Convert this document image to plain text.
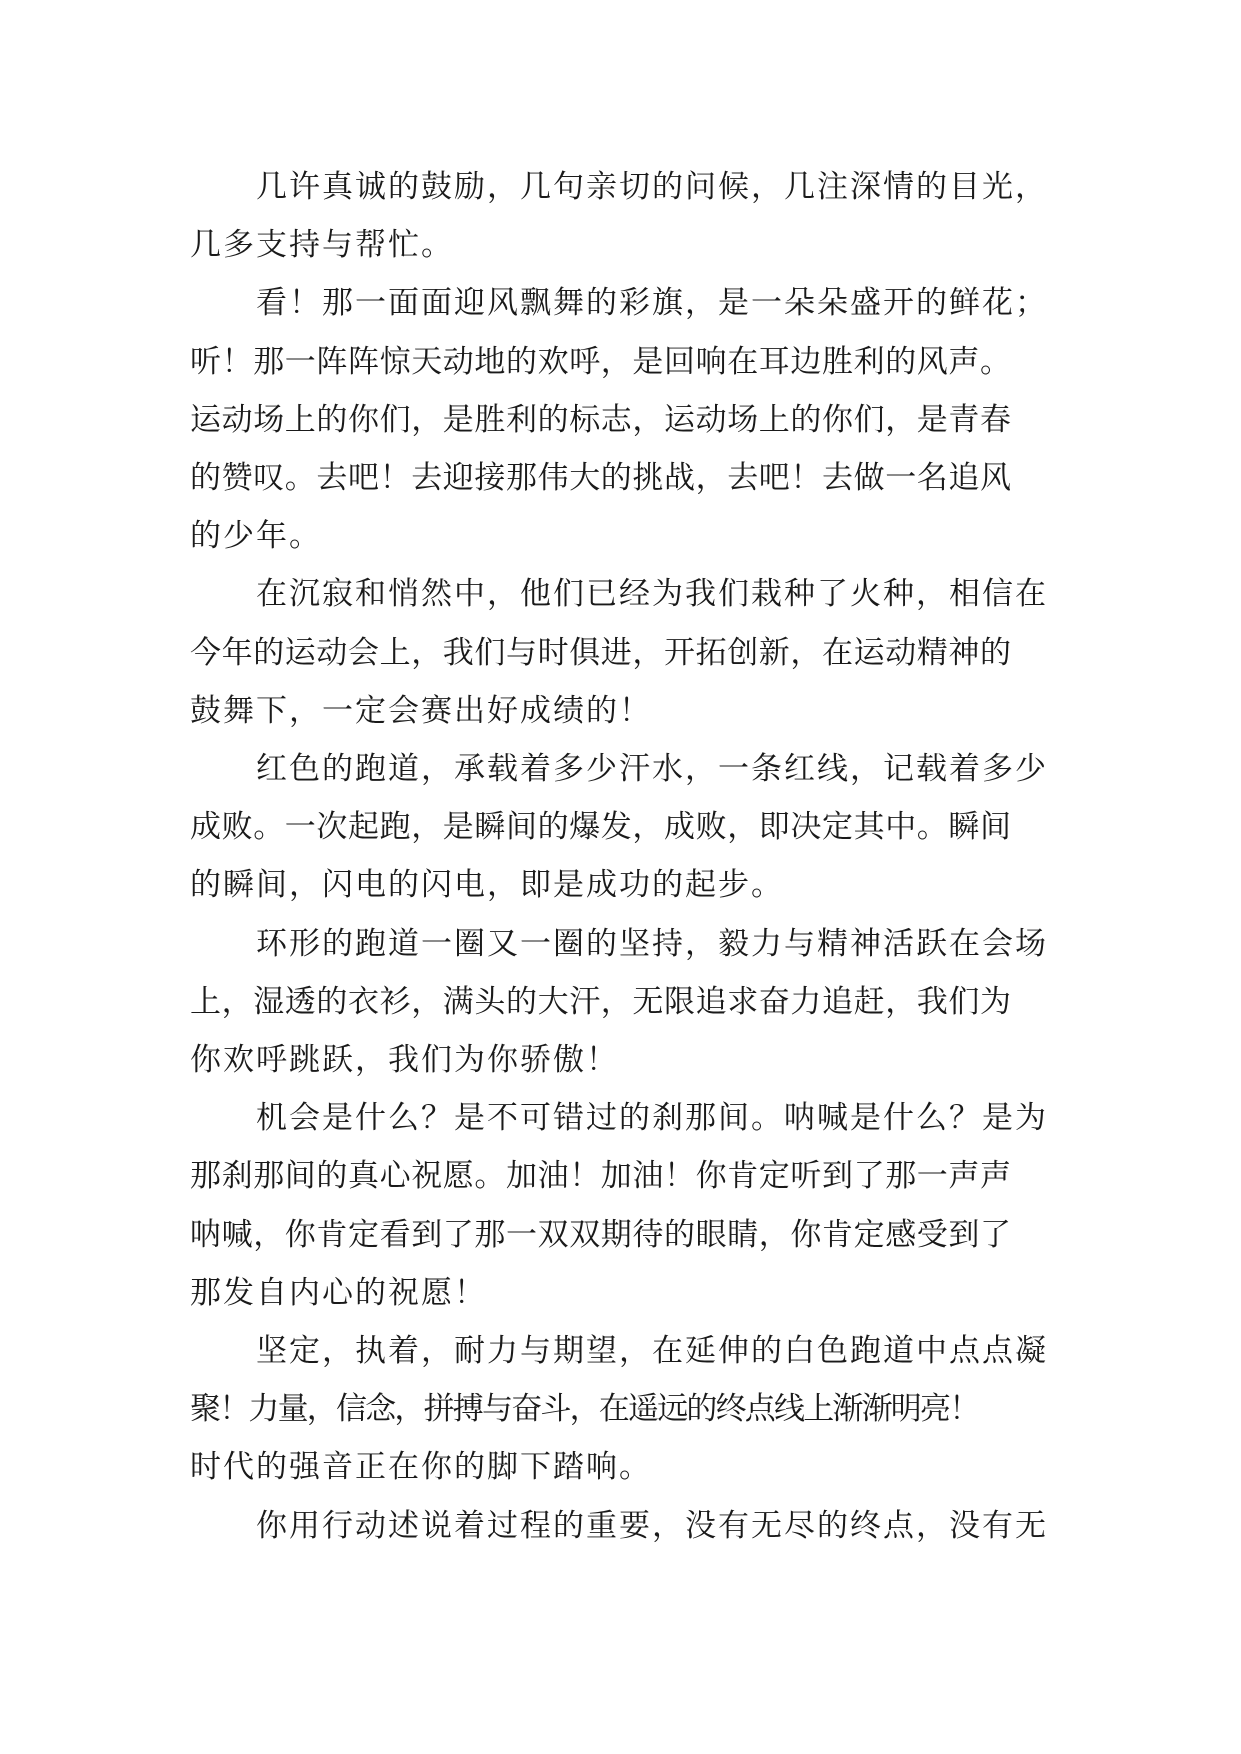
几许真诚的鼓励，几句亲切的问候，几注深情的目光，
几多支持与帮忙。

看！那一面面迎风飘舞的彩旗，是一朵朵盛开的鲜花；
听！那一阵阵惊天动地的欢呼，是回响在耳边胜利的风声。
运动场上的你们，是胜利的标志，运动场上的你们，是青春
的赞叹。去吧！去迎接那伟大的挑战，去吧！去做一名追风
的少年。

在沉寂和悄然中，他们已经为我们栽种了火种，相信在
今年的运动会上，我们与时俱进，开拓创新，在运动精神的
鼓舞下，一定会赛出好成绩的！

红色的跑道，承载着多少汗水，一条红线，记载着多少
成败。一次起跑，是瞬间的爆发，成败，即决定其中。瞬间
的瞬间，闪电的闪电，即是成功的起步。

环形的跑道一圈又一圈的坚持，毅力与精神活跃在会场
上，湿透的衣衫，满头的大汗，无限追求奋力追赶，我们为
你欢呼跳跃，我们为你骄傲！

机会是什么？是不可错过的刹那间。呐喊是什么？是为
那刹那间的真心祝愿。加油！加油！你肯定听到了那一声声
呐喊，你肯定看到了那一双双期待的眼睛，你肯定感受到了
那发自内心的祝愿！

坚定，执着，耐力与期望，在延伸的白色跑道中点点凝
聚！力量，信念，拼搏与奋斗，在遥远的终点线上渐渐明亮！
时代的强音正在你的脚下踏响。

你用行动述说着过程的重要，没有无尽的终点，没有无
